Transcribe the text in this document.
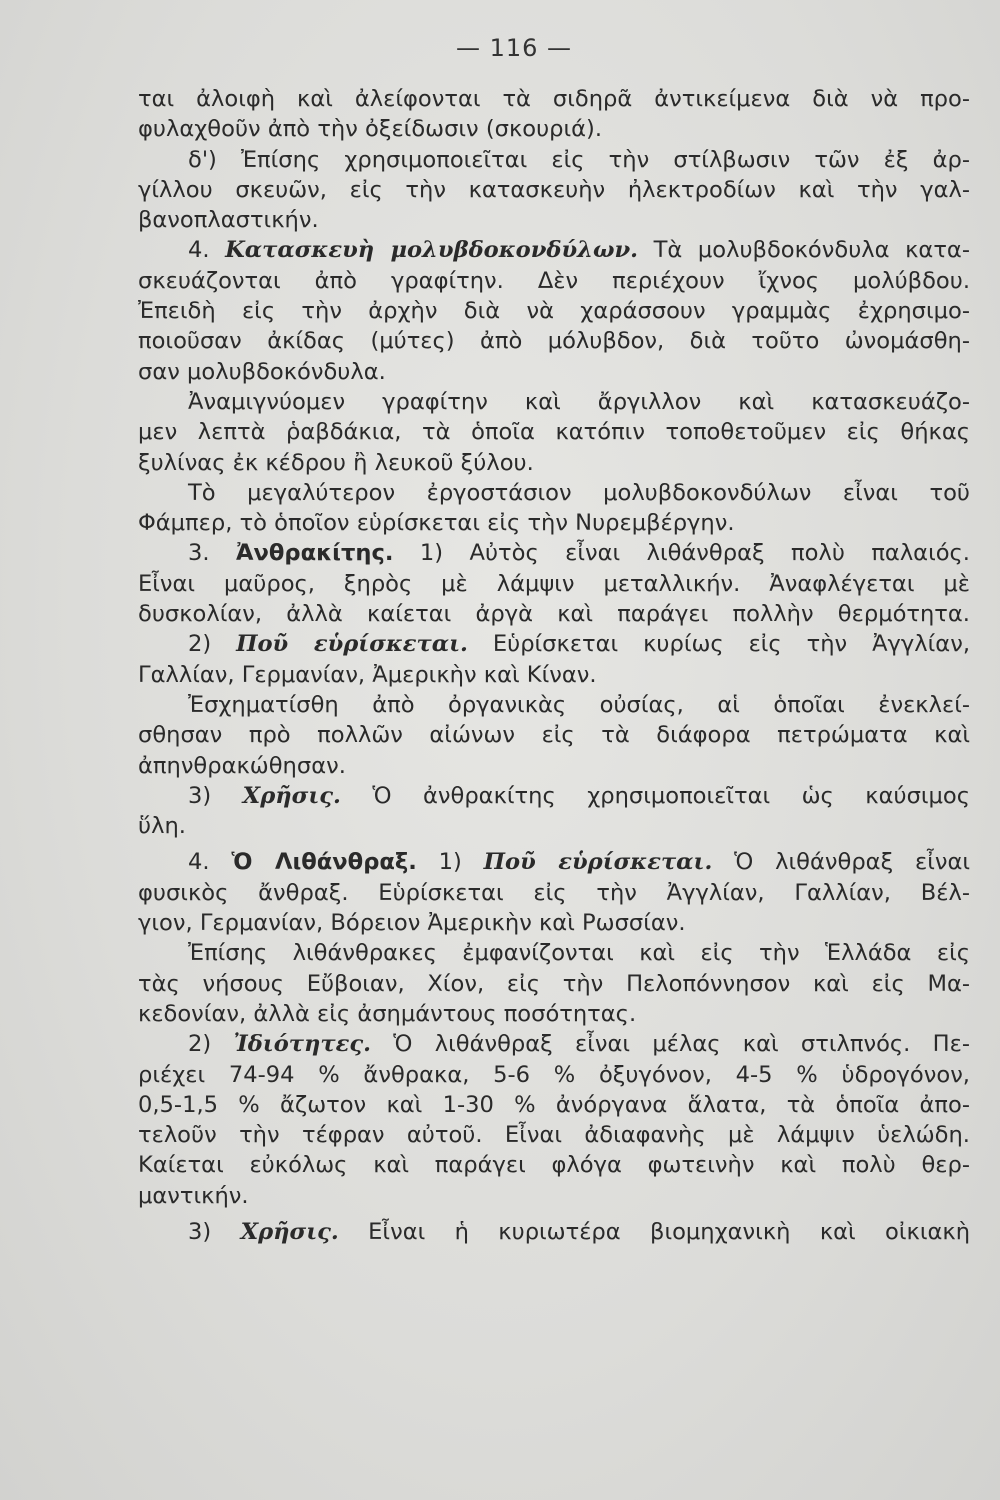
— 116 —
ται ἀλοιφὴ καὶ ἀλείφονται τὰ σιδηρᾶ ἀντικείμενα διὰ νὰ προ-
φυλαχθοῦν ἀπὸ τὴν ὀξείδωσιν (σκουριά).
δ') Ἐπίσης χρησιμοποιεῖται εἰς τὴν στίλβωσιν τῶν ἐξ ἀρ-
γίλλου σκευῶν, εἰς τὴν κατασκευὴν ἠλεκτροδίων καὶ τὴν γαλ-
βανοπλαστικήν.
4. Κατασκευὴ μολυβδοκονδύλων. Τὰ μολυβδοκόνδυλα κατα-
σκευάζονται ἀπὸ γραφίτην. Δὲν περιέχουν ἴχνος μολύβδου.
Ἐπειδὴ εἰς τὴν ἀρχὴν διὰ νὰ χαράσσουν γραμμὰς ἐχρησιμο-
ποιοῦσαν ἀκίδας (μύτες) ἀπὸ μόλυβδον, διὰ τοῦτο ὠνομάσθη-
σαν μολυβδοκόνδυλα.
Ἀναμιγνύομεν γραφίτην καὶ ἄργιλλον καὶ κατασκευάζο-
μεν λεπτὰ ῥαβδάκια, τὰ ὁποῖα κατόπιν τοποθετοῦμεν εἰς θήκας
ξυλίνας ἐκ κέδρου ἢ λευκοῦ ξύλου.
Τὸ μεγαλύτερον ἐργοστάσιον μολυβδοκονδύλων εἶναι τοῦ
Φάμπερ, τὸ ὁποῖον εὑρίσκεται εἰς τὴν Νυρεμβέργην.
3. Ἀνθρακίτης. 1) Αὐτὸς εἶναι λιθάνθραξ πολὺ παλαιός.
Εἶναι μαῦρος, ξηρὸς μὲ λάμψιν μεταλλικήν. Ἀναφλέγεται μὲ
δυσκολίαν, ἀλλὰ καίεται ἀργὰ καὶ παράγει πολλὴν θερμότητα.
2) Ποῦ εὑρίσκεται. Εὑρίσκεται κυρίως εἰς τὴν Ἀγγλίαν,
Γαλλίαν, Γερμανίαν, Ἀμερικὴν καὶ Κίναν.
Ἐσχηματίσθη ἀπὸ ὀργανικὰς οὐσίας, αἱ ὁποῖαι ἐνεκλεί-
σθησαν πρὸ πολλῶν αἰώνων εἰς τὰ διάφορα πετρώματα καὶ
ἀπηνθρακώθησαν.
3) Χρῆσις. Ὁ ἀνθρακίτης χρησιμοποιεῖται ὡς καύσιμος
ὕλη.
4. Ὁ Λιθάνθραξ. 1) Ποῦ εὑρίσκεται. Ὁ λιθάνθραξ εἶναι
φυσικὸς ἄνθραξ. Εὑρίσκεται εἰς τὴν Ἀγγλίαν, Γαλλίαν, Βέλ-
γιον, Γερμανίαν, Βόρειον Ἀμερικὴν καὶ Ρωσσίαν.
Ἐπίσης λιθάνθρακες ἐμφανίζονται καὶ εἰς τὴν Ἑλλάδα εἰς
τὰς νήσους Εὔβοιαν, Χίον, εἰς τὴν Πελοπόννησον καὶ εἰς Μα-
κεδονίαν, ἀλλὰ εἰς ἀσημάντους ποσότητας.
2) Ἰδιότητες. Ὁ λιθάνθραξ εἶναι μέλας καὶ στιλπνός. Πε-
ριέχει 74-94 % ἄνθρακα, 5-6 % ὀξυγόνον, 4-5 % ὑδρογόνον,
0,5-1,5 % ἄζωτον καὶ 1-30 % ἀνόργανα ἅλατα, τὰ ὁποῖα ἀπο-
τελοῦν τὴν τέφραν αὐτοῦ. Εἶναι ἀδιαφανὴς μὲ λάμψιν ὑελώδη.
Καίεται εὐκόλως καὶ παράγει φλόγα φωτεινὴν καὶ πολὺ θερ-
μαντικήν.
3) Χρῆσις. Εἶναι ἡ κυριωτέρα βιομηχανικὴ καὶ οἰκιακὴ
